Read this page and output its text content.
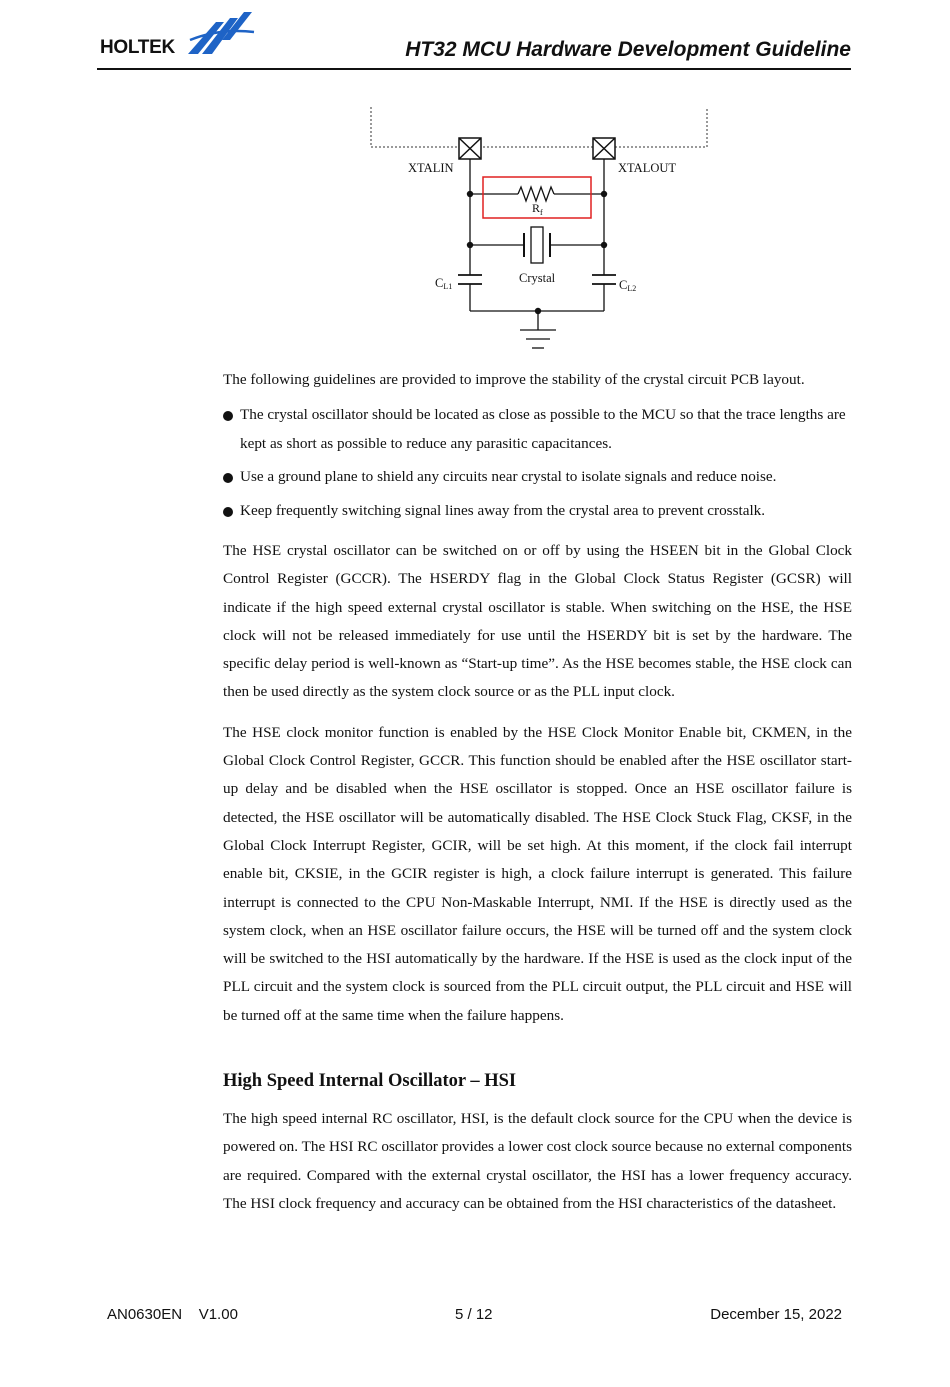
HOLTEK	HT32 MCU Hardware Development Guideline
XTALIN	XTALOUT
$R_f$
Crystal
CL1	CL2

The following guidelines are provided to improve the stability of the crystal circuit PCB layout.

The crystal oscillator should be located as close as possible to the MCU so that the trace lengths are kept as short as possible to reduce any parasitic capacitances.
Use a ground plane to shield any circuits near crystal to isolate signals and reduce noise.
Keep frequently switching signal lines away from the crystal area to prevent crosstalk.

The HSE crystal oscillator can be switched on or off by using the HSEEN bit in the Global Clock Control Register (GCCR). The HSERDY flag in the Global Clock Status Register (GCSR) will indicate if the high speed external crystal oscillator is stable. When switching on the HSE, the HSE clock will not be released immediately for use until the HSERDY bit is set by the hardware. The specific delay period is well-known as “Start-up time”. As the HSE becomes stable, the HSE clock can then be used directly as the system clock source or as the PLL input clock.

The HSE clock monitor function is enabled by the HSE Clock Monitor Enable bit, CKMEN, in the Global Clock Control Register, GCCR. This function should be enabled after the HSE oscillator start-up delay and be disabled when the HSE oscillator is stopped. Once an HSE oscillator failure is detected, the HSE oscillator will be automatically disabled. The HSE Clock Stuck Flag, CKSF, in the Global Clock Interrupt Register, GCIR, will be set high. At this moment, if the clock fail interrupt enable bit, CKSIE, in the GCIR register is high, a clock failure interrupt is generated. This failure interrupt is connected to the CPU Non-Maskable Interrupt, NMI. If the HSE is directly used as the system clock, when an HSE oscillator failure occurs, the HSE will be turned off and the system clock will be switched to the HSI automatically by the hardware. If the HSE is used as the clock input of the PLL circuit and the system clock is sourced from the PLL circuit output, the PLL circuit and HSE will be turned off at the same time when the failure happens.

High Speed Internal Oscillator – HSI

The high speed internal RC oscillator, HSI, is the default clock source for the CPU when the device is powered on. The HSI RC oscillator provides a lower cost clock source because no external components are required. Compared with the external crystal oscillator, the HSI has a lower frequency accuracy. The HSI clock frequency and accuracy can be obtained from the HSI characteristics of the datasheet.

AN0630EN    V1.00	5 / 12	December 15, 2022
